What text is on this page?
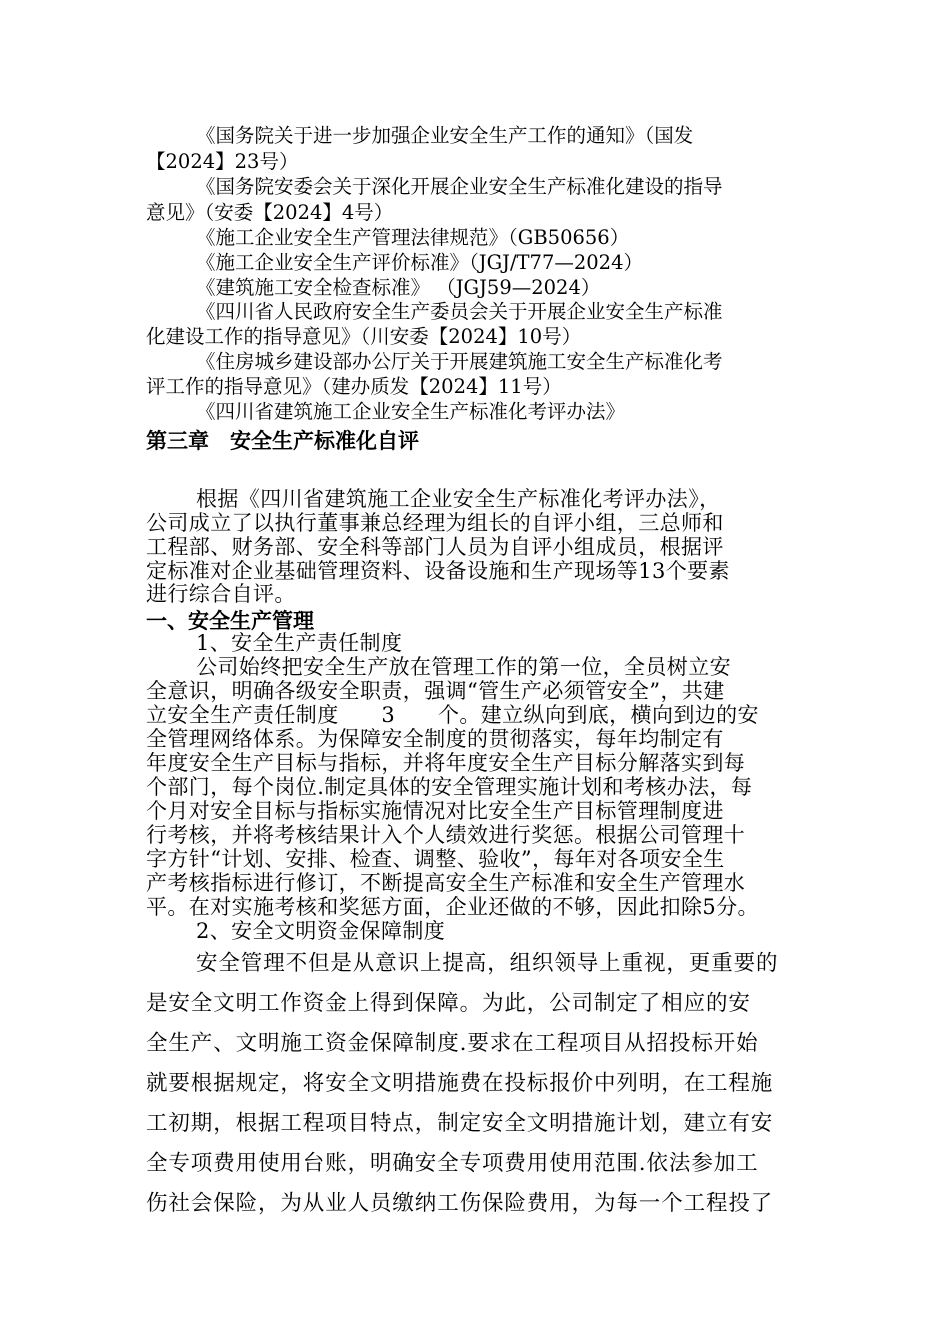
《国务院关于进一步加强企业安全生产工作的通知》（国发
【2024】23号）
《国务院安委会关于深化开展企业安全生产标准化建设的指导
意见》（安委【2024】4号）
《施工企业安全生产管理法律规范》（GB50656）
《施工企业安全生产评价标准》（JGJ/T77—2024）
《建筑施工安全检查标准》 （JGJ59—2024）
《四川省人民政府安全生产委员会关于开展企业安全生产标准
化建设工作的指导意见》（川安委【2024】10号）
《住房城乡建设部办公厅关于开展建筑施工安全生产标准化考
评工作的指导意见》（建办质发【2024】11号）
《四川省建筑施工企业安全生产标准化考评办法》
第三章　安全生产标准化自评
根据《四川省建筑施工企业安全生产标准化考评办法》，
公司成立了以执行董事兼总经理为组长的自评小组，三总师和
工程部、财务部、安全科等部门人员为自评小组成员，根据评
定标准对企业基础管理资料、设备设施和生产现场等13个要素
进行综合自评。
一、安全生产管理
1、安全生产责任制度
公司始终把安全生产放在管理工作的第一位，全员树立安
全意识，明确各级安全职责，强调“管生产必须管安全”，共建
立安全生产责任制度　　3　　个。建立纵向到底，横向到边的安
全管理网络体系。为保障安全制度的贯彻落实，每年均制定有
年度安全生产目标与指标，并将年度安全生产目标分解落实到每
个部门，每个岗位.制定具体的安全管理实施计划和考核办法，每
个月对安全目标与指标实施情况对比安全生产目标管理制度进
行考核，并将考核结果计入个人绩效进行奖惩。根据公司管理十
字方针“计划、安排、检查、调整、验收”，每年对各项安全生
产考核指标进行修订，不断提高安全生产标准和安全生产管理水
平。在对实施考核和奖惩方面，企业还做的不够，因此扣除5分。
2、安全文明资金保障制度
安全管理不但是从意识上提高，组织领导上重视，更重要的
是安全文明工作资金上得到保障。为此，公司制定了相应的安
全生产、文明施工资金保障制度.要求在工程项目从招投标开始
就要根据规定，将安全文明措施费在投标报价中列明，在工程施
工初期，根据工程项目特点，制定安全文明措施计划，建立有安
全专项费用使用台账，明确安全专项费用使用范围.依法参加工
伤社会保险，为从业人员缴纳工伤保险费用，为每一个工程投了
